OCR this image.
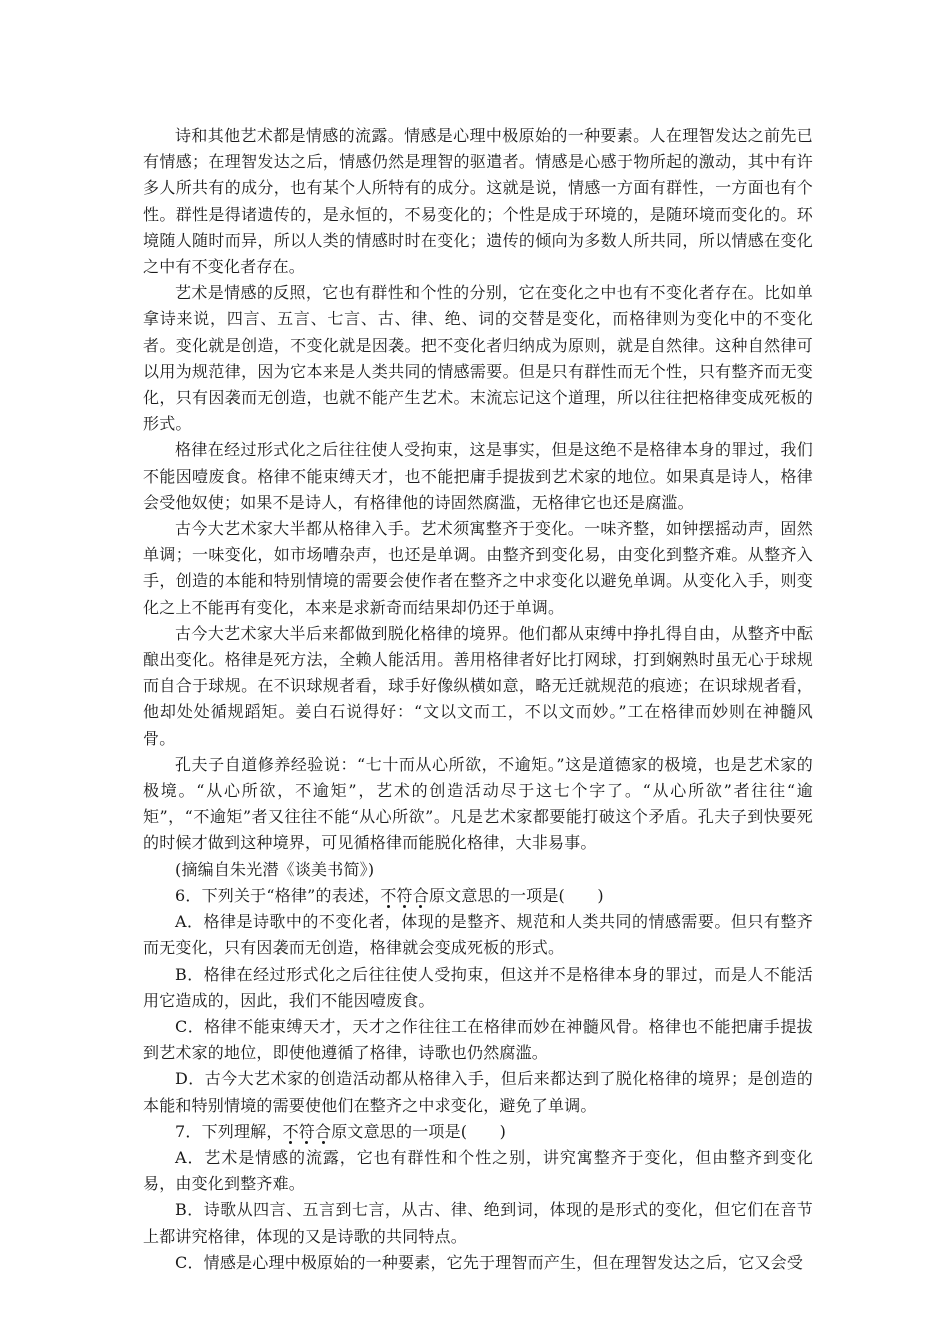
诗和其他艺术都是情感的流露。情感是心理中极原始的一种要素。人在理智发达之前先已有情感；在理智发达之后，情感仍然是理智的驱遣者。情感是心感于物所起的激动，其中有许多人所共有的成分，也有某个人所特有的成分。这就是说，情感一方面有群性，一方面也有个性。群性是得诸遗传的，是永恒的，不易变化的；个性是成于环境的，是随环境而变化的。环境随人随时而异，所以人类的情感时时在变化；遗传的倾向为多数人所共同，所以情感在变化之中有不变化者存在。

艺术是情感的反照，它也有群性和个性的分别，它在变化之中也有不变化者存在。比如单拿诗来说，四言、五言、七言、古、律、绝、词的交替是变化，而格律则为变化中的不变化者。变化就是创造，不变化就是因袭。把不变化者归纳成为原则，就是自然律。这种自然律可以用为规范律，因为它本来是人类共同的情感需要。但是只有群性而无个性，只有整齐而无变化，只有因袭而无创造，也就不能产生艺术。末流忘记这个道理，所以往往把格律变成死板的形式。

格律在经过形式化之后往往使人受拘束，这是事实，但是这绝不是格律本身的罪过，我们不能因噎废食。格律不能束缚天才，也不能把庸手提拔到艺术家的地位。如果真是诗人，格律会受他奴使；如果不是诗人，有格律他的诗固然腐滥，无格律它也还是腐滥。

古今大艺术家大半都从格律入手。艺术须寓整齐于变化。一味齐整，如钟摆摇动声，固然单调；一味变化，如市场嘈杂声，也还是单调。由整齐到变化易，由变化到整齐难。从整齐入手，创造的本能和特别情境的需要会使作者在整齐之中求变化以避免单调。从变化入手，则变化之上不能再有变化，本来是求新奇而结果却仍还于单调。

古今大艺术家大半后来都做到脱化格律的境界。他们都从束缚中挣扎得自由，从整齐中酝酿出变化。格律是死方法，全赖人能活用。善用格律者好比打网球，打到娴熟时虽无心于球规而自合于球规。在不识球规者看，球手好像纵横如意，略无迁就规范的痕迹；在识球规者看，他却处处循规蹈矩。姜白石说得好：“文以文而工，不以文而妙。”工在格律而妙则在神髓风骨。

孔夫子自道修养经验说：“七十而从心所欲，不逾矩。”这是道德家的极境，也是艺术家的极境。“从心所欲，不逾矩”，艺术的创造活动尽于这七个字了。“从心所欲”者往往“逾矩”，“不逾矩”者又往往不能“从心所欲”。凡是艺术家都要能打破这个矛盾。孔夫子到快要死的时候才做到这种境界，可见循格律而能脱化格律，大非易事。

(摘编自朱光潜《谈美书简》)

6．下列关于“格律”的表述，不符合原文意思的一项是(　　)

A．格律是诗歌中的不变化者，体现的是整齐、规范和人类共同的情感需要。但只有整齐而无变化，只有因袭而无创造，格律就会变成死板的形式。

B．格律在经过形式化之后往往使人受拘束，但这并不是格律本身的罪过，而是人不能活用它造成的，因此，我们不能因噎废食。

C．格律不能束缚天才，天才之作往往工在格律而妙在神髓风骨。格律也不能把庸手提拔到艺术家的地位，即使他遵循了格律，诗歌也仍然腐滥。

D．古今大艺术家的创造活动都从格律入手，但后来都达到了脱化格律的境界；是创造的本能和特别情境的需要使他们在整齐之中求变化，避免了单调。

7．下列理解，不符合原文意思的一项是(　　)

A．艺术是情感的流露，它也有群性和个性之别，讲究寓整齐于变化，但由整齐到变化易，由变化到整齐难。

B．诗歌从四言、五言到七言，从古、律、绝到词，体现的是形式的变化，但它们在音节上都讲究格律，体现的又是诗歌的共同特点。

C．情感是心理中极原始的一种要素，它先于理智而产生，但在理智发达之后，它又会受
